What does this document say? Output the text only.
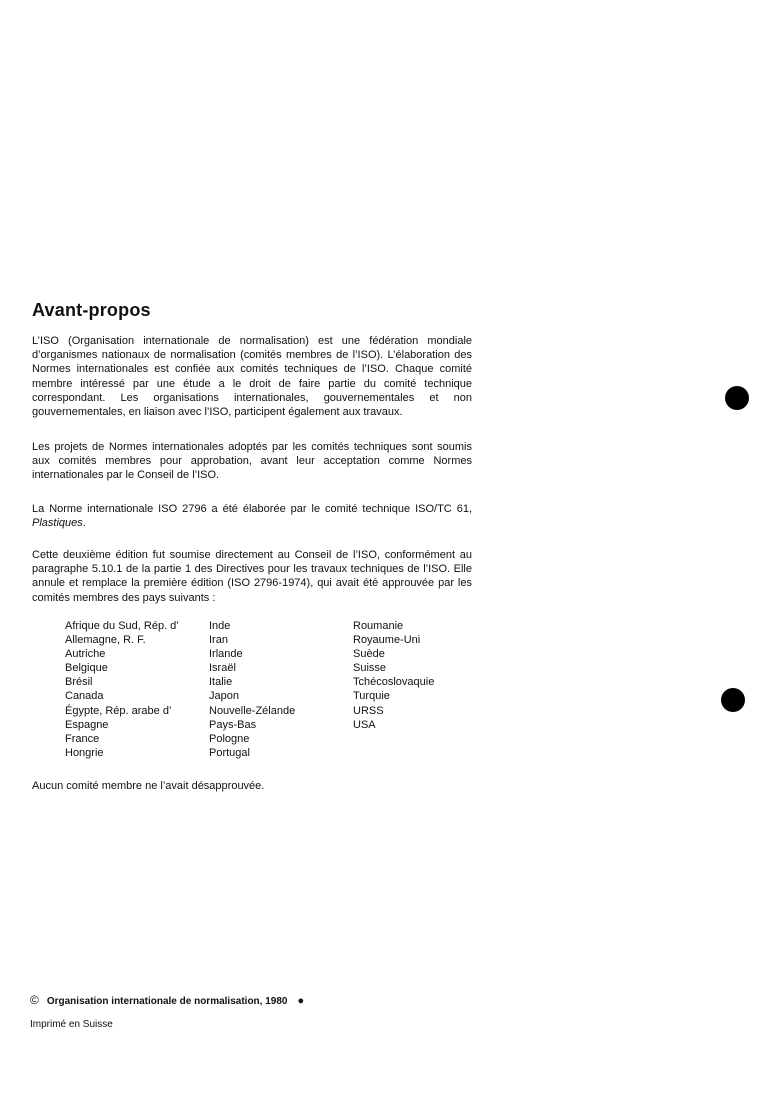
Avant-propos

L’ISO (Organisation internationale de normalisation) est une fédération mondiale d’organismes nationaux de normalisation (comités membres de l’ISO). L’élaboration des Normes internationales est confiée aux comités techniques de l’ISO. Chaque comité membre intéressé par une étude a le droit de faire partie du comité technique correspondant. Les organisations internationales, gouvernementales et non gouvernementales, en liaison avec l’ISO, participent également aux travaux.

Les projets de Normes internationales adoptés par les comités techniques sont soumis aux comités membres pour approbation, avant leur acceptation comme Normes internationales par le Conseil de l’ISO.

La Norme internationale ISO 2796 a été élaborée par le comité technique ISO/TC 61, Plastiques.

Cette deuxième édition fut soumise directement au Conseil de l’ISO, conformément au paragraphe 5.10.1 de la partie 1 des Directives pour les travaux techniques de l’ISO. Elle annule et remplace la première édition (ISO 2796-1974), qui avait été approuvée par les comités membres des pays suivants :

Afrique du Sud, Rép. d’
Allemagne, R. F.
Autriche
Belgique
Brésil
Canada
Égypte, Rép. arabe d’
Espagne
France
Hongrie
Inde
Iran
Irlande
Israël
Italie
Japon
Nouvelle-Zélande
Pays-Bas
Pologne
Portugal
Roumanie
Royaume-Uni
Suède
Suisse
Tchécoslovaquie
Turquie
URSS
USA

Aucun comité membre ne l’avait désapprouvée.

© Organisation internationale de normalisation, 1980 ●
Imprimé en Suisse
